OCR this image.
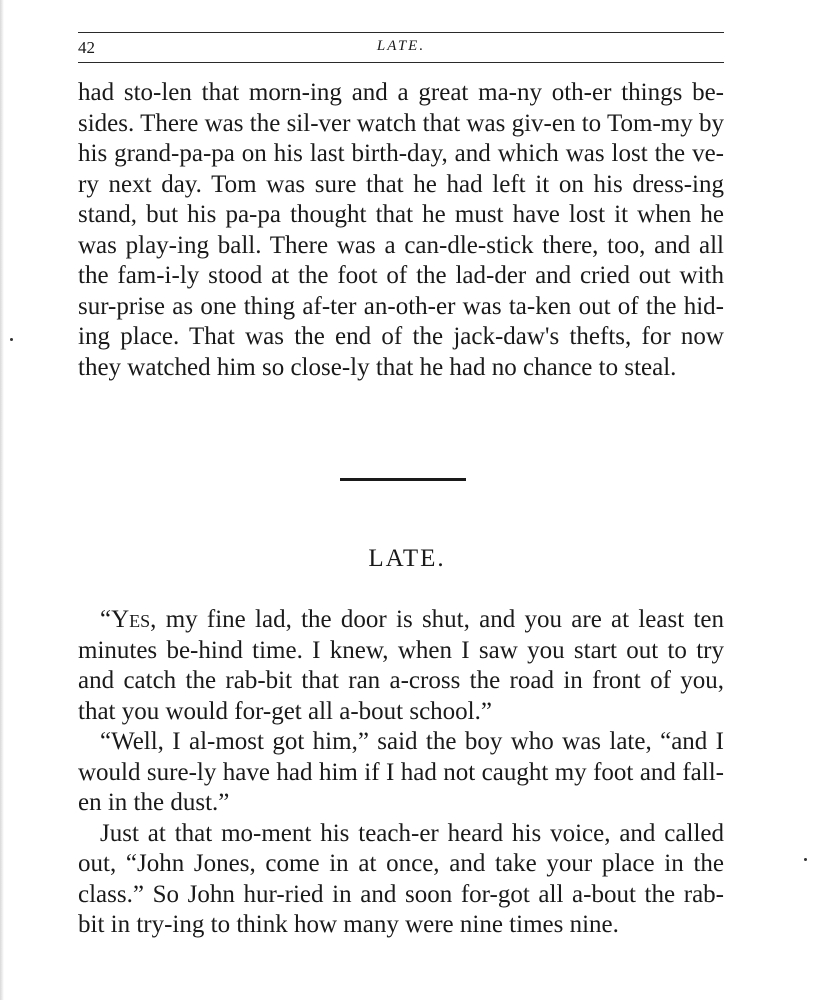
42	LATE.

had sto-len that morn-ing and a great ma-ny oth-er things be-sides. There was the sil-ver watch that was giv-en to Tom-my by his grand-pa-pa on his last birth-day, and which was lost the ve-ry next day. Tom was sure that he had left it on his dress-ing stand, but his pa-pa thought that he must have lost it when he was play-ing ball. There was a can-dle-stick there, too, and all the fam-i-ly stood at the foot of the lad-der and cried out with sur-prise as one thing af-ter an-oth-er was ta-ken out of the hid-ing place. That was the end of the jack-daw's thefts, for now they watched him so close-ly that he had no chance to steal.

LATE.

“Yes, my fine lad, the door is shut, and you are at least ten minutes be-hind time. I knew, when I saw you start out to try and catch the rab-bit that ran a-cross the road in front of you, that you would for-get all a-bout school.”

“Well, I al-most got him,” said the boy who was late, “and I would sure-ly have had him if I had not caught my foot and fall-en in the dust.”

Just at that mo-ment his teach-er heard his voice, and called out, “John Jones, come in at once, and take your place in the class.” So John hur-ried in and soon for-got all a-bout the rab-bit in try-ing to think how many were nine times nine.
